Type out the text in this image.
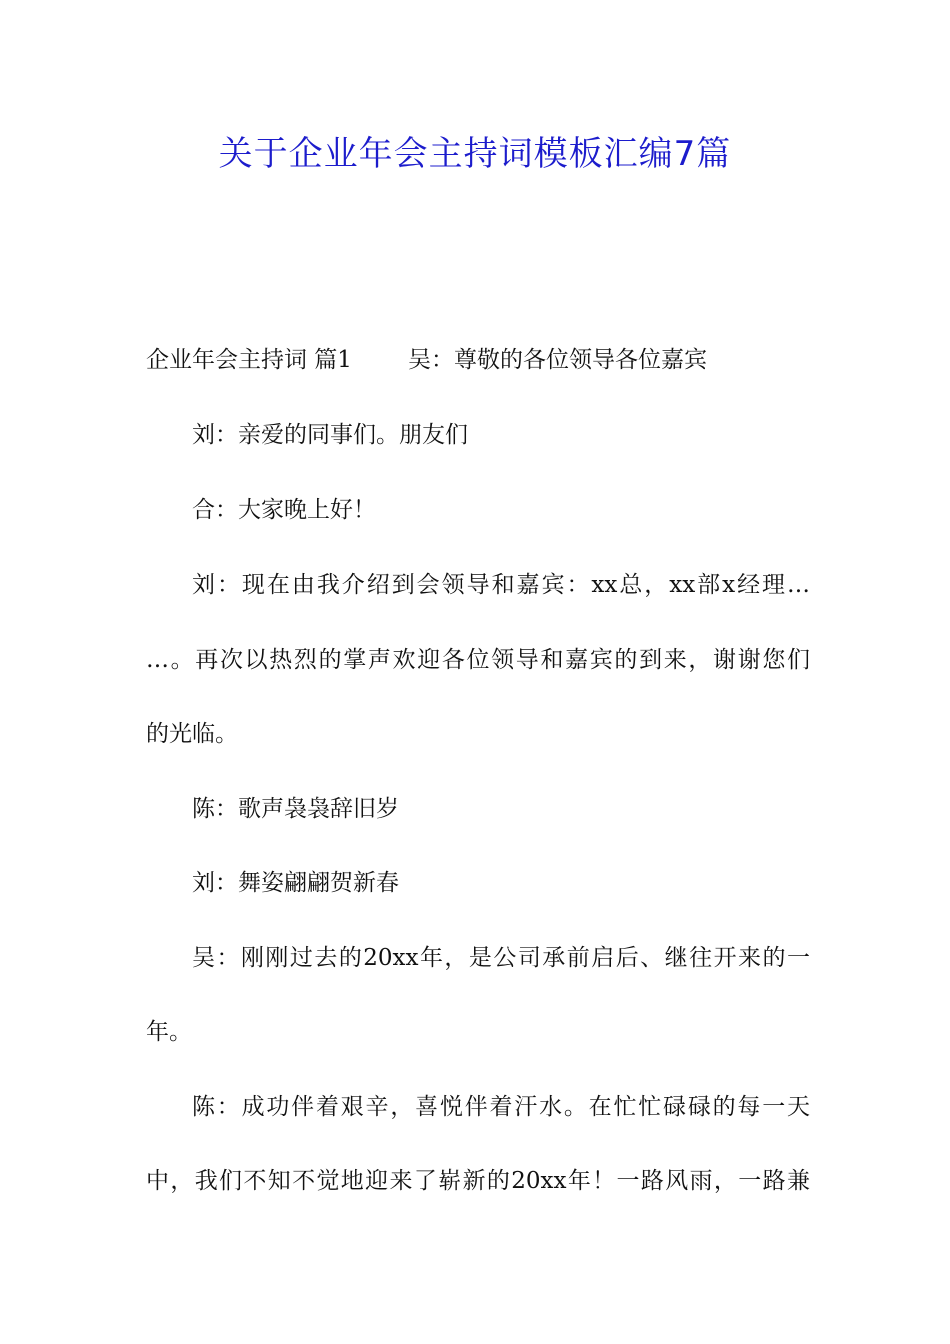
关于企业年会主持词模板汇编7篇
企业年会主持词 篇1 吴：尊敬的各位领导各位嘉宾
刘：亲爱的同事们。朋友们
合：大家晚上好！
刘：现在由我介绍到会领导和嘉宾：xx总，xx部x经理…
…。再次以热烈的掌声欢迎各位领导和嘉宾的到来，谢谢您们
的光临。
陈：歌声袅袅辞旧岁
刘：舞姿翩翩贺新春
吴：刚刚过去的20xx年，是公司承前启后、继往开来的一
年。
陈：成功伴着艰辛，喜悦伴着汗水。在忙忙碌碌的每一天
中，我们不知不觉地迎来了崭新的20xx年！一路风雨，一路兼
